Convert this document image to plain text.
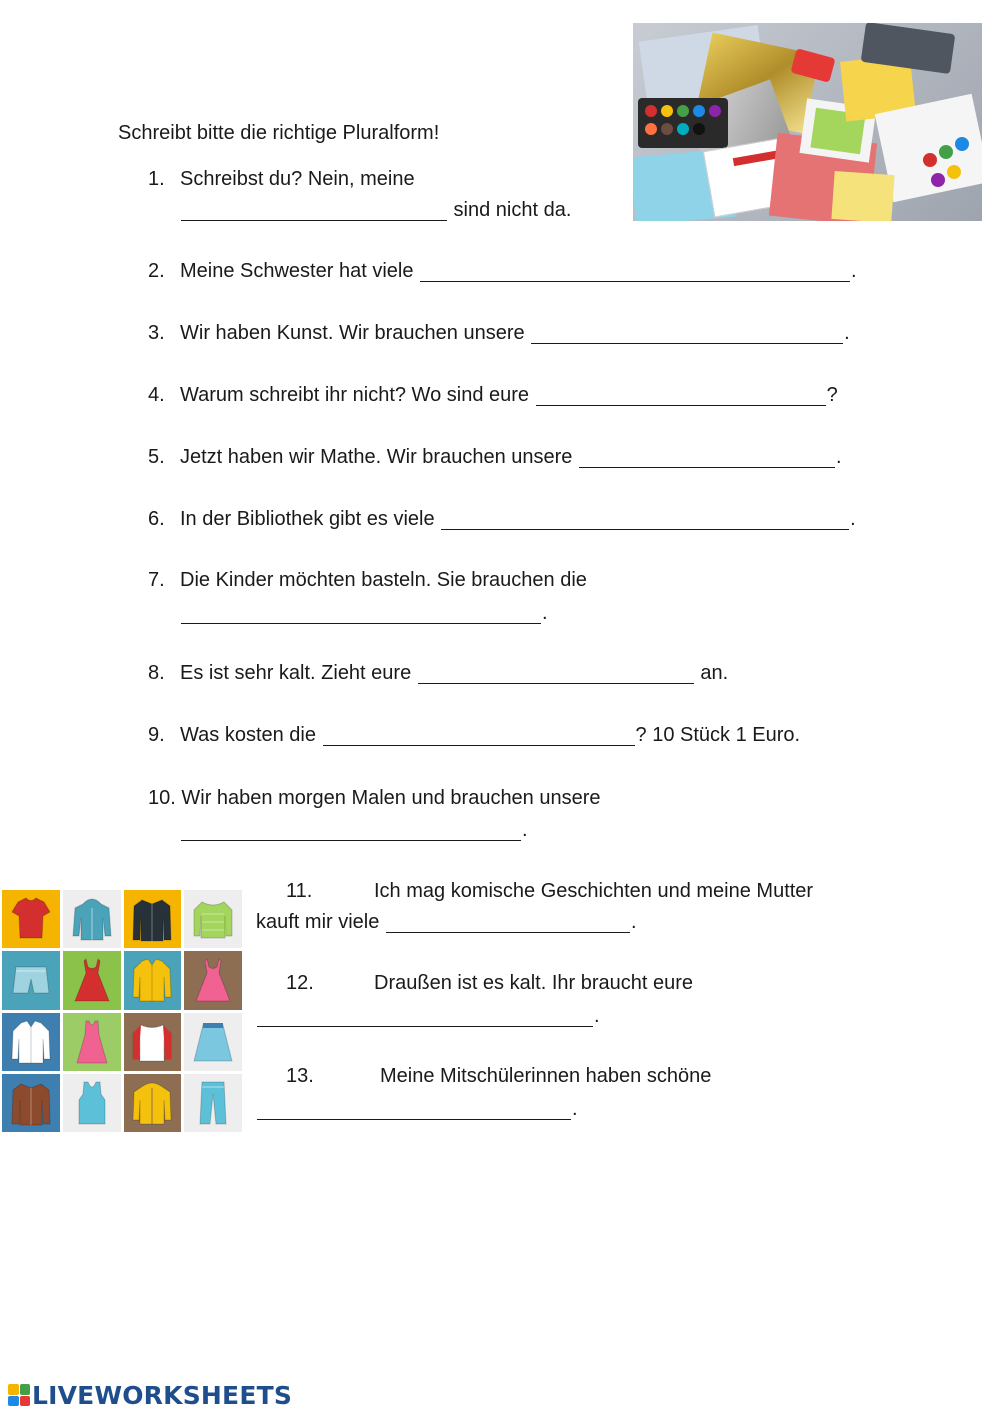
Schreibt bitte die richtige Pluralform!
1. Schreibst du? Nein, meine
sind nicht da.
2. Meine Schwester hat viele	.
3. Wir haben Kunst. Wir brauchen unsere	.
4. Warum schreibt ihr nicht? Wo sind eure	?
5. Jetzt haben wir Mathe. Wir brauchen unsere	.
6. In der Bibliothek gibt es viele	.
7. Die Kinder möchten basteln. Sie brauchen die
.
8. Es ist sehr kalt. Zieht eure	an.
9. Was kosten die	? 10 Stück 1 Euro.
10. Wir haben morgen Malen und brauchen unsere
.
11.	Ich mag komische Geschichten und meine Mutter
kauft mir viele	.
12.	Draußen ist es kalt. Ihr braucht eure
.
13.	Meine Mitschülerinnen haben schöne
.
LIVEWORKSHEETS
